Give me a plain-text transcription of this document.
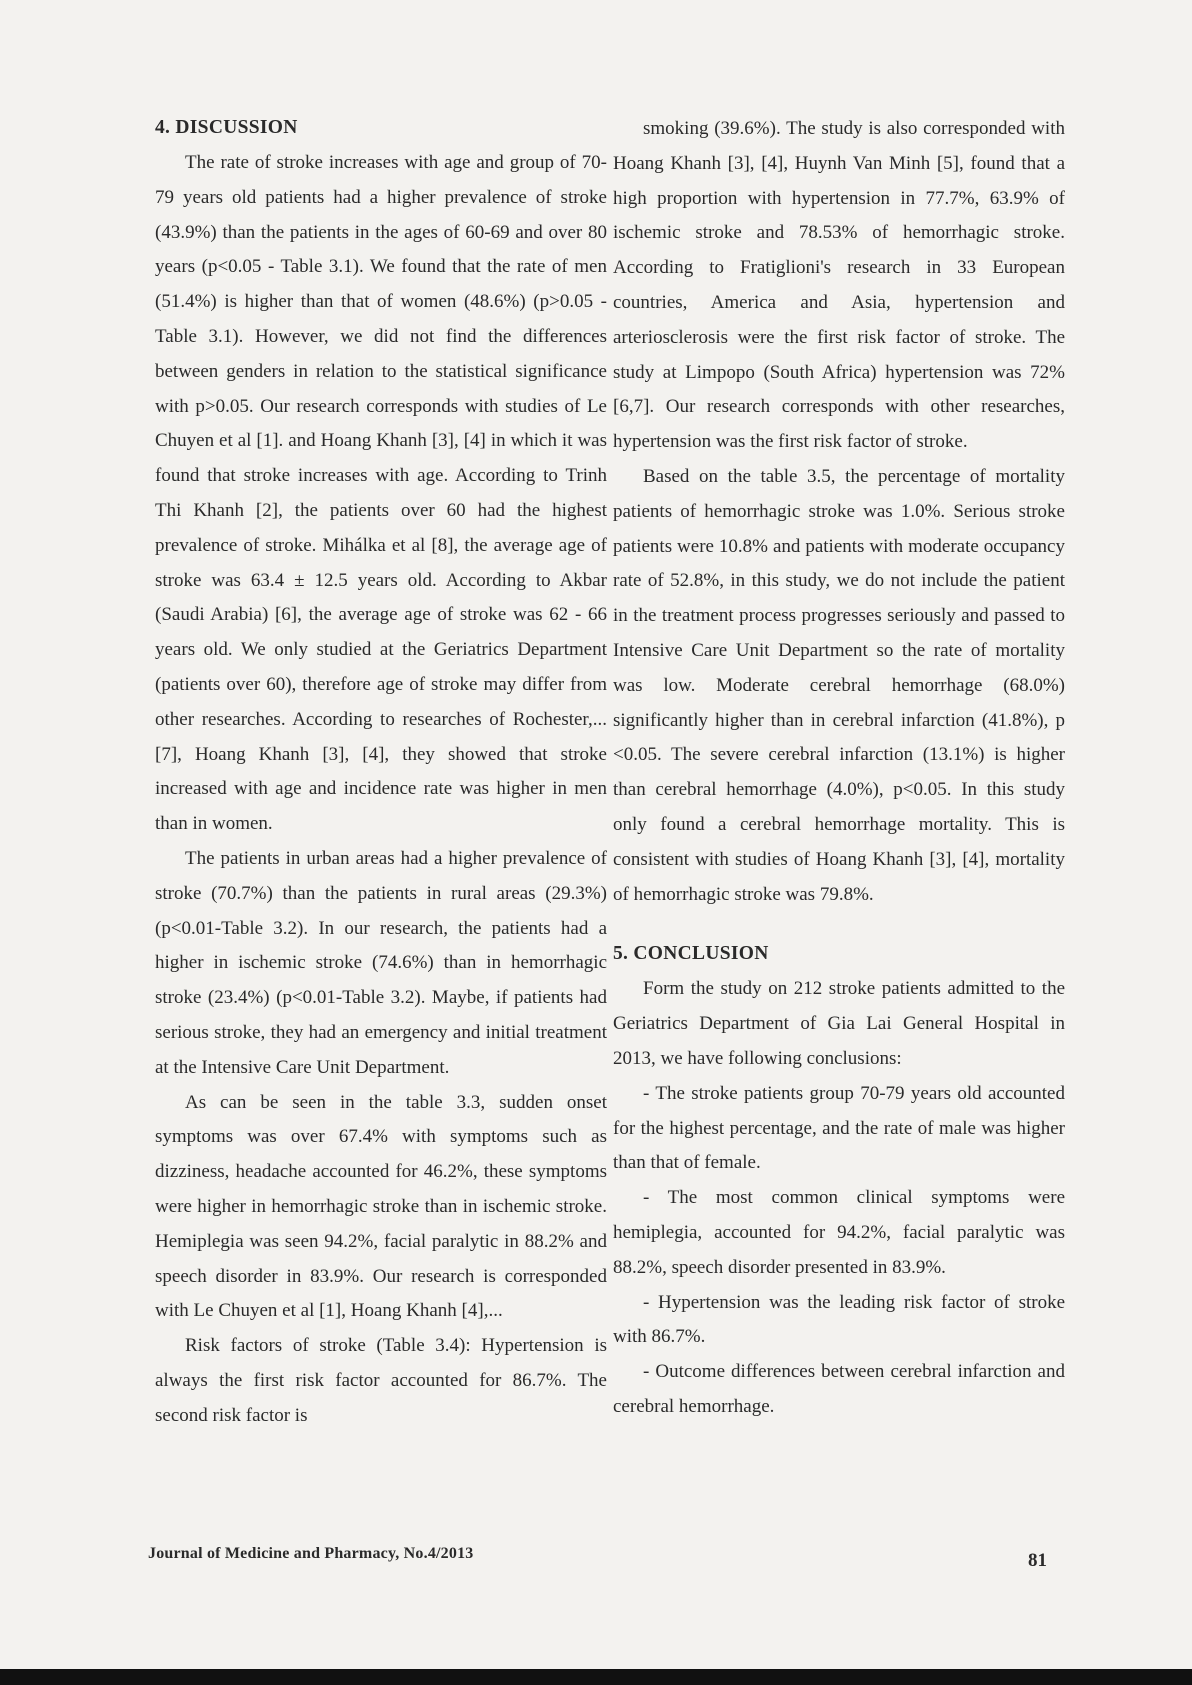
4. DISCUSSION

The rate of stroke increases with age and group of 70-79 years old patients had a higher prevalence of stroke (43.9%) than the patients in the ages of 60-69 and over 80 years (p<0.05 - Table 3.1). We found that the rate of men (51.4%) is higher than that of women (48.6%) (p>0.05 - Table 3.1). However, we did not find the differences between genders in relation to the statistical significance with p>0.05. Our research corresponds with studies of Le Chuyen et al [1]. and Hoang Khanh [3], [4] in which it was found that stroke increases with age. According to Trinh Thi Khanh [2], the patients over 60 had the highest prevalence of stroke. Mihálka et al [8], the average age of stroke was 63.4 ± 12.5 years old. According to Akbar (Saudi Arabia) [6], the average age of stroke was 62 - 66 years old. We only studied at the Geriatrics Department (patients over 60), therefore age of stroke may differ from other researches. According to researches of Rochester,...[7], Hoang Khanh [3], [4], they showed that stroke increased with age and incidence rate was higher in men than in women.

The patients in urban areas had a higher prevalence of stroke (70.7%) than the patients in rural areas (29.3%) (p<0.01-Table 3.2). In our research, the patients had a higher in ischemic stroke (74.6%) than in hemorrhagic stroke (23.4%) (p<0.01-Table 3.2). Maybe, if patients had serious stroke, they had an emergency and initial treatment at the Intensive Care Unit Department.

As can be seen in the table 3.3, sudden onset symptoms was over 67.4% with symptoms such as dizziness, headache accounted for 46.2%, these symptoms were higher in hemorrhagic stroke than in ischemic stroke. Hemiplegia was seen 94.2%, facial paralytic in 88.2% and speech disorder in 83.9%. Our research is corresponded with Le Chuyen et al [1], Hoang Khanh [4],...

Risk factors of stroke (Table 3.4): Hypertension is always the first risk factor accounted for 86.7%. The second risk factor is

smoking (39.6%). The study is also corresponded with Hoang Khanh [3], [4], Huynh Van Minh [5], found that a high proportion with hypertension in 77.7%, 63.9% of ischemic stroke and 78.53% of hemorrhagic stroke. According to Fratiglioni's research in 33 European countries, America and Asia, hypertension and arteriosclerosis were the first risk factor of stroke. The study at Limpopo (South Africa) hypertension was 72%[6,7]. Our research corresponds with other researches, hypertension was the first risk factor of stroke.

Based on the table 3.5, the percentage of mortality patients of hemorrhagic stroke was 1.0%. Serious stroke patients were 10.8% and patients with moderate occupancy rate of 52.8%, in this study, we do not include the patient in the treatment process progresses seriously and passed to Intensive Care Unit Department so the rate of mortality was low. Moderate cerebral hemorrhage (68.0%) significantly higher than in cerebral infarction (41.8%), p <0.05. The severe cerebral infarction (13.1%) is higher than cerebral hemorrhage (4.0%), p<0.05. In this study only found a cerebral hemorrhage mortality. This is consistent with studies of Hoang Khanh [3], [4], mortality of hemorrhagic stroke was 79.8%.

5. CONCLUSION

Form the study on 212 stroke patients admitted to the Geriatrics Department of Gia Lai General Hospital in 2013, we have following conclusions:

- The stroke patients group 70-79 years old accounted for the highest percentage, and the rate of male was higher than that of female.

- The most common clinical symptoms were hemiplegia, accounted for 94.2%, facial paralytic was 88.2%, speech disorder presented in 83.9%.

- Hypertension was the leading risk factor of stroke with 86.7%.

- Outcome differences between cerebral infarction and cerebral hemorrhage.

Journal of Medicine and Pharmacy, No.4/2013	81
